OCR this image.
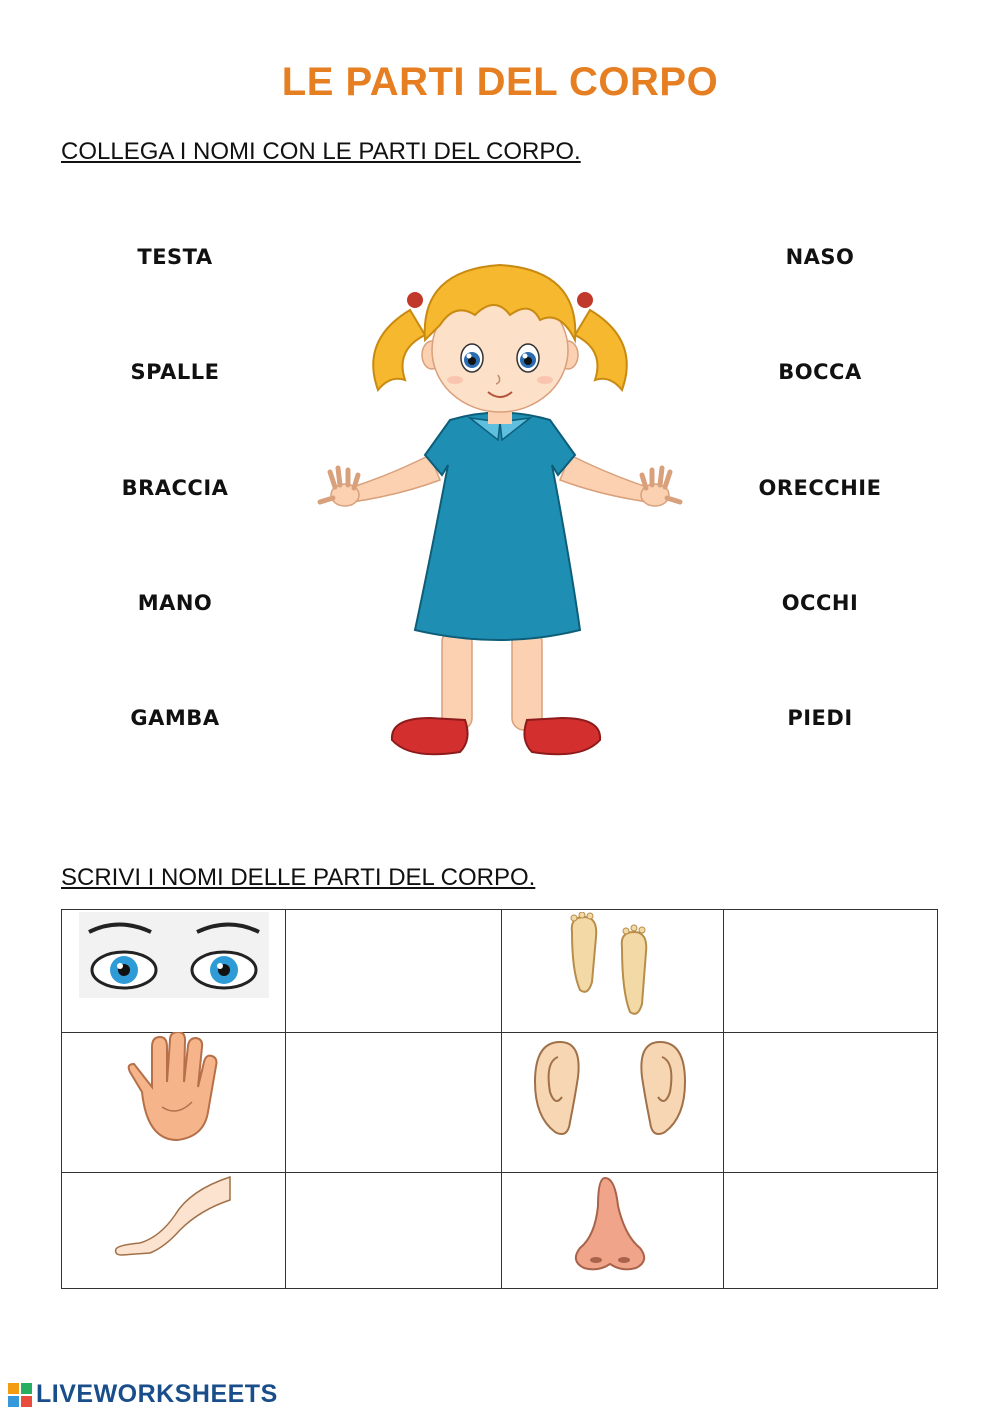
LE PARTI DEL CORPO
COLLEGA I NOMI CON LE PARTI DEL CORPO.
TESTA
SPALLE
BRACCIA
MANO
GAMBA
NASO
BOCCA
ORECCHIE
OCCHI
PIEDI
SCRIVI I NOMI DELLE PARTI DEL CORPO.
LIVEWORKSHEETS
